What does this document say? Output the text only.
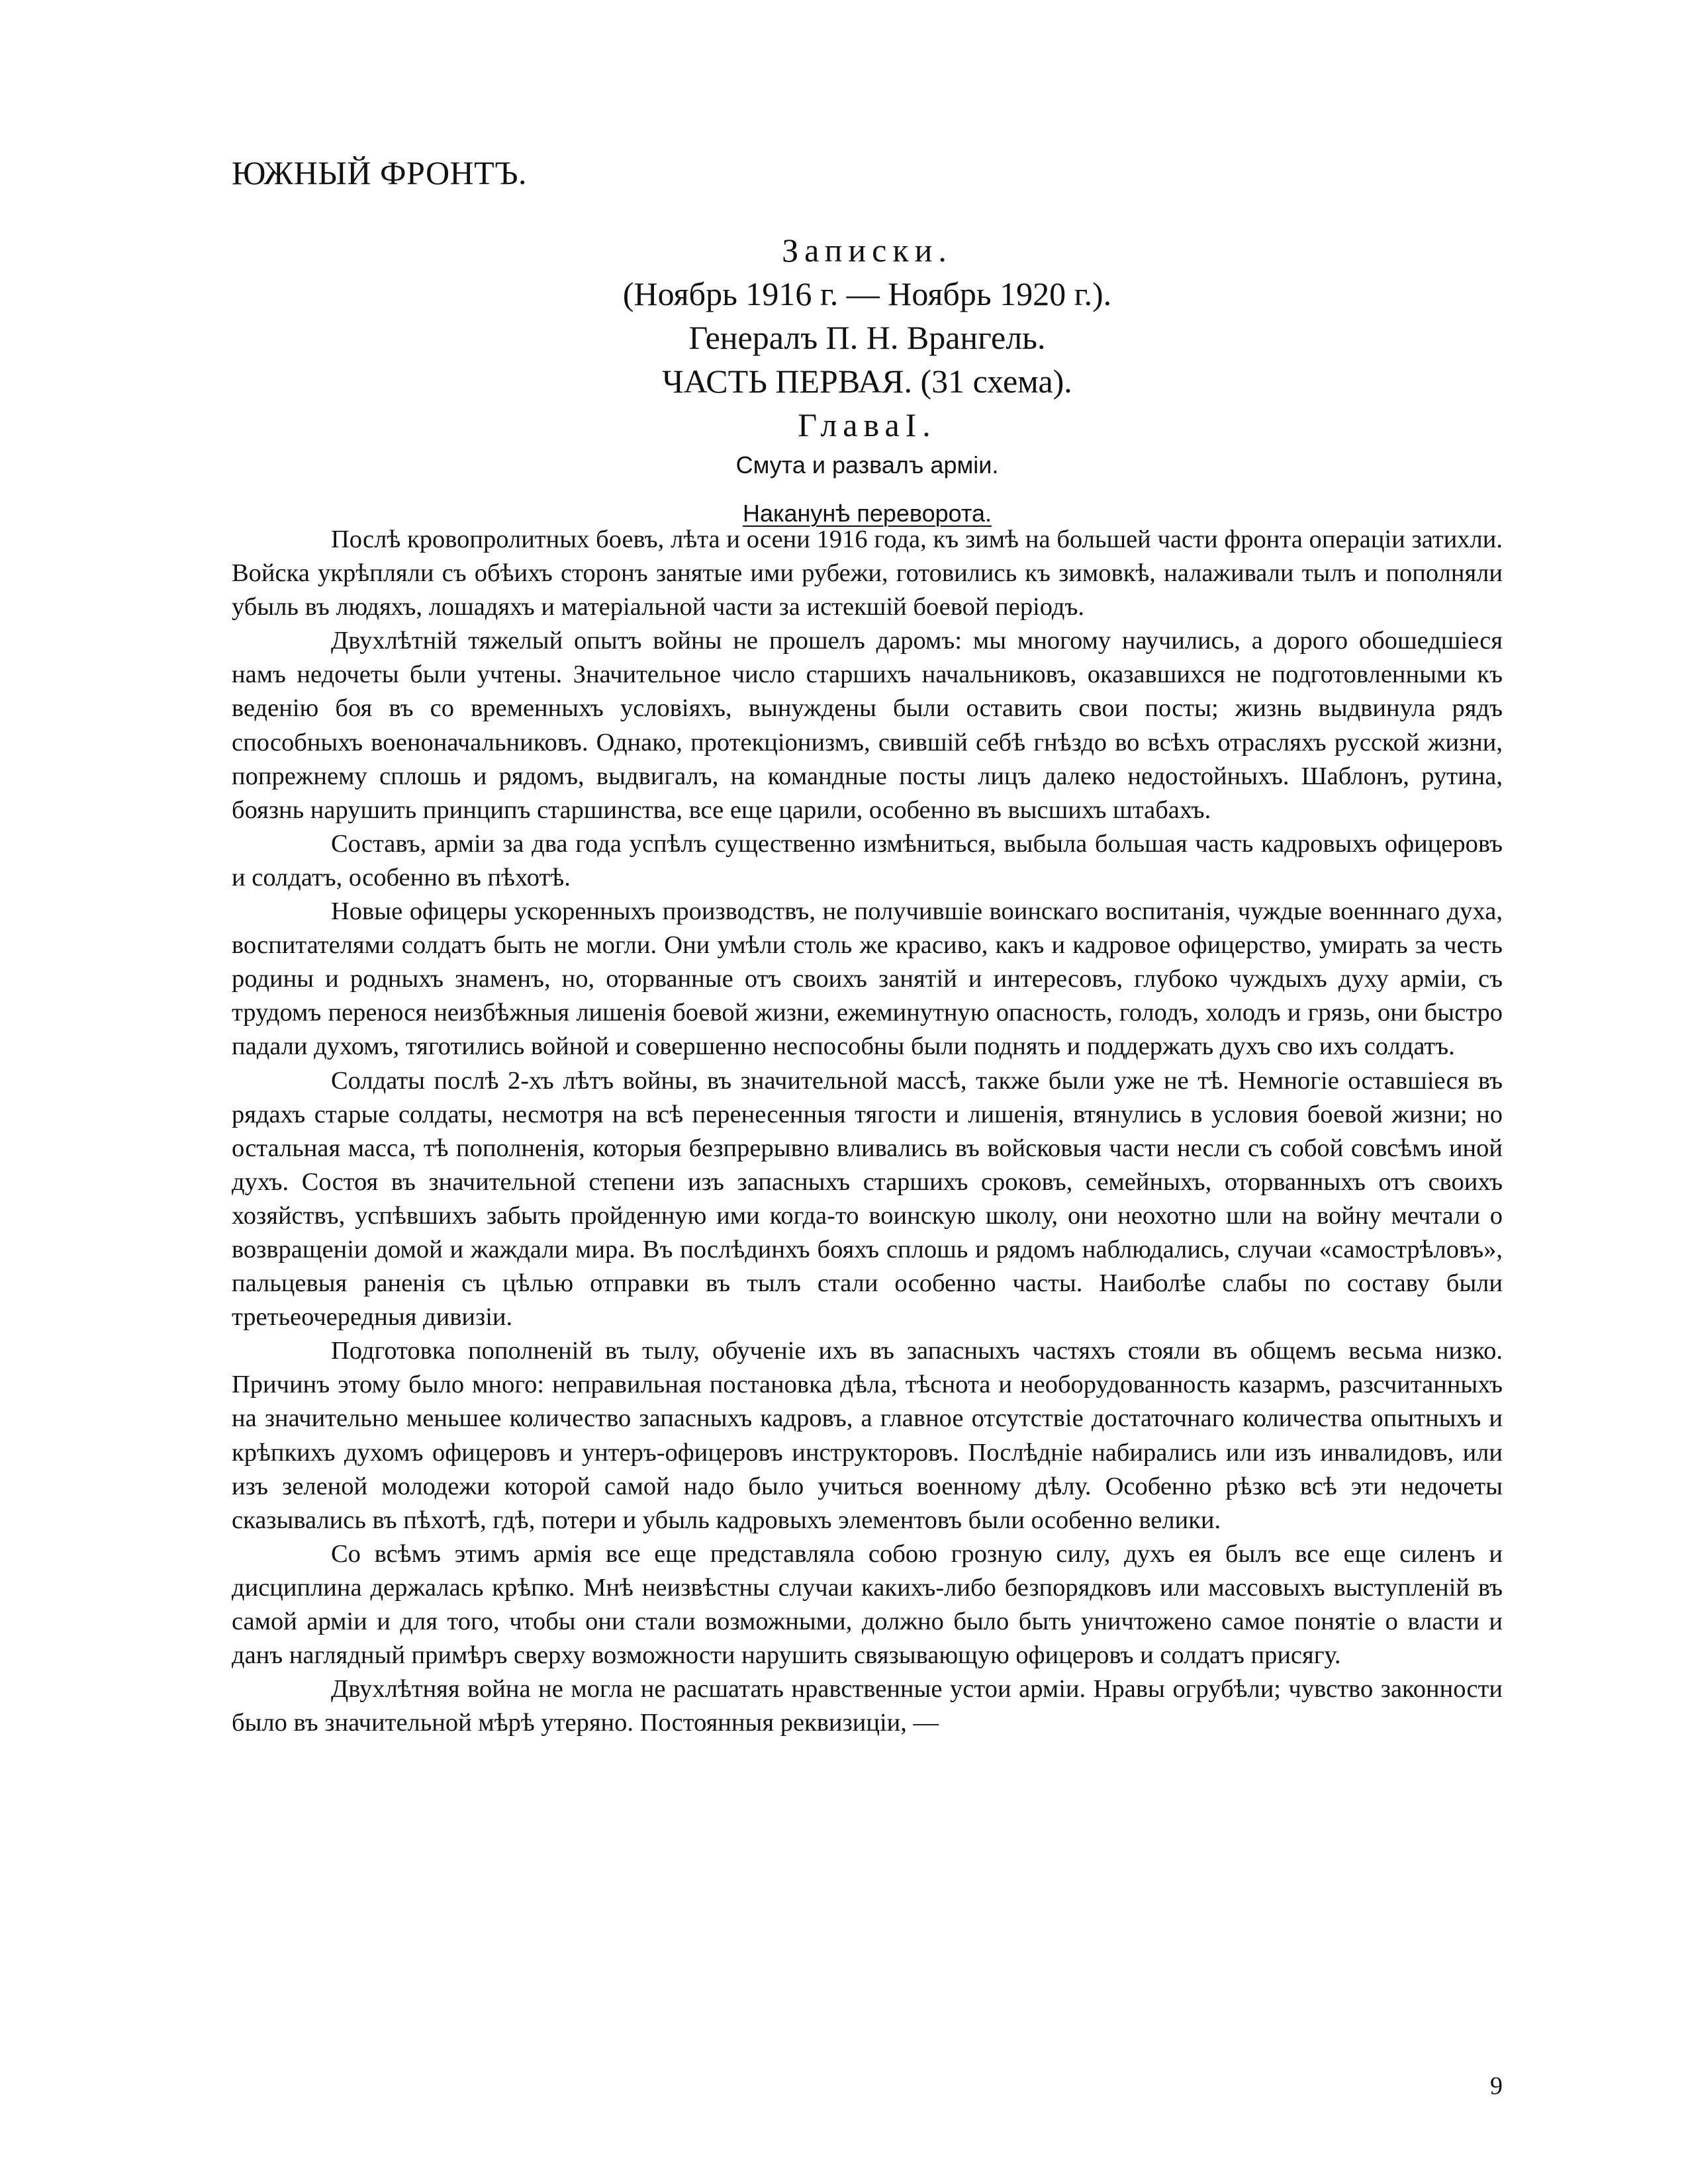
ЮЖНЫЙ ФРОНТЪ.
Записки.
(Ноябрь 1916 г. — Ноябрь 1920 г.).
Генералъ П. Н. Врангель.
ЧАСТЬ ПЕРВАЯ. (31 схема).
ГлаваI.
Смута и развалъ арміи.
Наканунѣ переворота.

Послѣ кровопролитных боевъ, лѣта и осени 1916 года, къ зимѣ на большей части фронта операціи затихли. Войска укрѣпляли съ обѣихъ сторонъ занятые ими рубежи, готовились къ зимовкѣ, налаживали тылъ и пополняли убыль въ людяхъ, лошадяхъ и матеріальной части за истекшій боевой періодъ.

Двухлѣтній тяжелый опытъ войны не прошелъ даромъ: мы многому научились, а дорого обошедшіеся намъ недочеты были учтены. Значительное число старшихъ начальниковъ, оказавшихся не подготовленными къ веденію боя въ со временныхъ условіяхъ, вынуждены были оставить свои посты; жизнь выдвинула рядъ способныхъ военоначальниковъ. Однако, протекціонизмъ, свившій себѣ гнѣздо во всѣхъ отрасляхъ русской жизни, попрежнему сплошь и рядомъ, выдвигалъ, на командные посты лицъ далеко недостойныхъ. Шаблонъ, рутина, боязнь нарушить принципъ старшинства, все еще царили, особенно въ высшихъ штабахъ.

Составъ, арміи за два года успѣлъ существенно измѣниться, выбыла большая часть кадровыхъ офицеровъ и солдатъ, особенно въ пѣхотѣ.

Новые офицеры ускоренныхъ производствъ, не получившіе воинскаго воспитанія, чуждые военннаго духа, воспитателями солдатъ быть не могли. Они умѣли столь же красиво, какъ и кадровое офицерство, умирать за честь родины и родныхъ знаменъ, но, оторванные отъ своихъ занятій и интересовъ, глубоко чуждыхъ духу арміи, съ трудомъ перенося неизбѣжныя лишенія боевой жизни, ежеминутную опасность, голодъ, холодъ и грязь, они быстро падали духомъ, тяготились войной и совершенно неспособны были поднять и поддержать духъ сво ихъ солдатъ.

Солдаты послѣ 2-хъ лѣтъ войны, въ значительной массѣ, также были уже не тѣ. Немногіе оставшіеся въ рядахъ старые солдаты, несмотря на всѣ перенесенныя тягости и лишенія, втянулись в условия боевой жизни; но остальная масса, тѣ пополненія, которыя безпрерывно вливались въ войсковыя части несли съ собой совсѣмъ иной духъ. Состоя въ значительной степени изъ запасныхъ старшихъ сроковъ, семейныхъ, оторванныхъ отъ своихъ хозяйствъ, успѣвшихъ забыть пройденную ими когда-то воинскую школу, они неохотно шли на войну мечтали о возвращеніи домой и жаждали мира. Въ послѣдинхъ бояхъ сплошь и рядомъ наблюдались, случаи «самострѣловъ», пальцевыя раненія съ цѣлью отправки въ тылъ стали особенно часты. Наиболѣе слабы по составу были третьеочередныя дивизіи.

Подготовка пополненій въ тылу, обученіе ихъ въ запасныхъ частяхъ стояли въ общемъ весьма низко. Причинъ этому было много: неправильная постановка дѣла, тѣснота и необорудованность казармъ, разсчитанныхъ на значительно меньшее количество запасныхъ кадровъ, а главное отсутствіе достаточнаго количества опытныхъ и крѣпкихъ духомъ офицеровъ и унтеръ-офицеровъ инструкторовъ. Послѣдніе набирались или изъ инвалидовъ, или изъ зеленой молодежи которой самой надо было учиться военному дѣлу. Особенно рѣзко всѣ эти недочеты сказывались въ пѣхотѣ, гдѣ, потери и убыль кадровыхъ элементовъ были особенно велики.

Со всѣмъ этимъ армія все еще представляла собою грозную силу, духъ ея былъ все еще силенъ и дисциплина держалась крѣпко. Мнѣ неизвѣстны случаи какихъ-либо безпорядковъ или массовыхъ выступленій въ самой арміи и для того, чтобы они стали возможными, должно было быть уничтожено самое понятіе о власти и данъ наглядный примѣръ сверху возможности нарушить связывающую офицеровъ и солдатъ присягу.

Двухлѣтняя война не могла не расшатать нравственные устои арміи. Нравы огрубѣли; чувство законности было въ значительной мѣрѣ утеряно. Постоянныя реквизиціи, —

9
